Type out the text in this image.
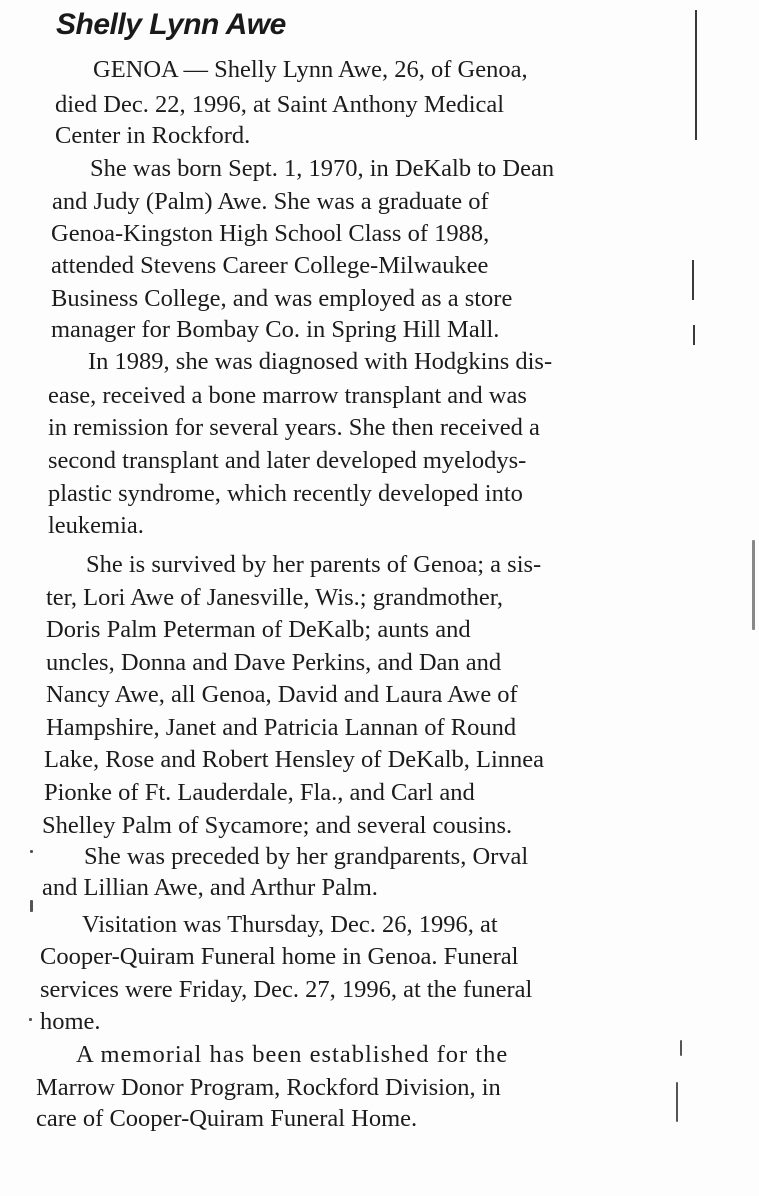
Shelly Lynn Awe

GENOA — Shelly Lynn Awe, 26, of Genoa,

died Dec. 22, 1996, at Saint Anthony Medical

Center in Rockford.

She was born Sept. 1, 1970, in DeKalb to Dean

and Judy (Palm) Awe. She was a graduate of

Genoa-Kingston High School Class of 1988,

attended Stevens Career College-Milwaukee

Business College, and was employed as a store

manager for Bombay Co. in Spring Hill Mall.

In 1989, she was diagnosed with Hodgkins dis-

ease, received a bone marrow transplant and was

in remission for several years. She then received a

second transplant and later developed myelodys-

plastic syndrome, which recently developed into

leukemia.

She is survived by her parents of Genoa; a sis-

ter, Lori Awe of Janesville, Wis.; grandmother,

Doris Palm Peterman of DeKalb; aunts and

uncles, Donna and Dave Perkins, and Dan and

Nancy Awe, all Genoa, David and Laura Awe of

Hampshire, Janet and Patricia Lannan of Round

Lake, Rose and Robert Hensley of DeKalb, Linnea

Pionke of Ft. Lauderdale, Fla., and Carl and

Shelley Palm of Sycamore; and several cousins.

She was preceded by her grandparents, Orval

and Lillian Awe, and Arthur Palm.

Visitation was Thursday, Dec. 26, 1996, at

Cooper-Quiram Funeral home in Genoa. Funeral

services were Friday, Dec. 27, 1996, at the funeral

home.

A memorial has been established for the

Marrow Donor Program, Rockford Division, in

care of Cooper-Quiram Funeral Home.
